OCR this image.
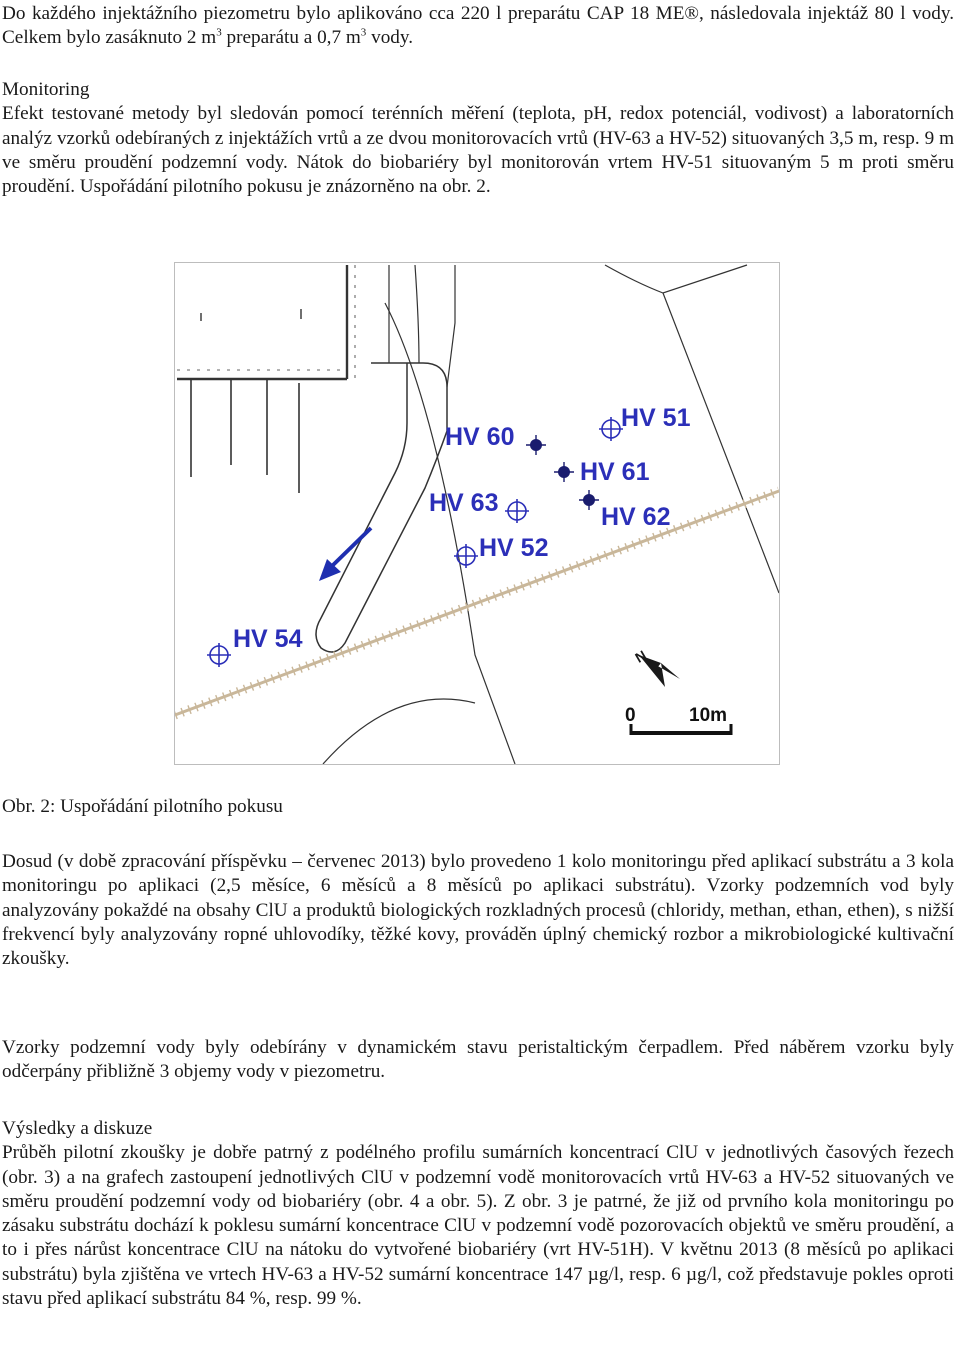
Do každého injektážního piezometru bylo aplikováno cca 220 l preparátu CAP 18 ME®, následovala injektáž 80 l vody. Celkem bylo zasáknuto 2 $m^3$ preparátu a 0,7 $m^3$ vody.

Monitoring
Efekt testované metody byl sledován pomocí terénních měření (teplota, pH, redox potenciál, vodivost) a laboratorních analýz vzorků odebíraných z injektážích vrtů a ze dvou monitorovacích vrtů (HV-63 a HV-52) situovaných 3,5 m, resp. 9 m ve směru proudění podzemní vody. Nátok do biobariéry byl monitorován vrtem HV-51 situovaným 5 m proti směru proudění. Uspořádání pilotního pokusu je znázorněno na obr. 2.

HV 51
HV 60
HV 61
HV 63	HV 62
HV 52
HV 54
N
0	10m

Obr. 2: Uspořádání pilotního pokusu

Dosud (v době zpracování příspěvku – červenec 2013) bylo provedeno 1 kolo monitoringu před aplikací substrátu a 3 kola monitoringu po aplikaci (2,5 měsíce, 6 měsíců a 8 měsíců po aplikaci substrátu). Vzorky podzemních vod byly analyzovány pokaždé na obsahy ClU a produktů biologických rozkladných procesů (chloridy, methan, ethan, ethen), s nižší frekvencí byly analyzovány ropné uhlovodíky, těžké kovy, prováděn úplný chemický rozbor a mikrobiologické kultivační zkoušky.

Vzorky podzemní vody byly odebírány v dynamickém stavu peristaltickým čerpadlem. Před náběrem vzorku byly odčerpány přibližně 3 objemy vody v piezometru.

Výsledky a diskuze
Průběh pilotní zkoušky je dobře patrný z podélného profilu sumárních koncentrací ClU v jednotlivých časových řezech (obr. 3) a na grafech zastoupení jednotlivých ClU v podzemní vodě monitorovacích vrtů HV-63 a HV-52 situovaných ve směru proudění podzemní vody od biobariéry (obr. 4 a obr. 5). Z obr. 3 je patrné, že již od prvního kola monitoringu po zásaku substrátu dochází k poklesu sumární koncentrace ClU v podzemní vodě pozorovacích objektů ve směru proudění, a to i přes nárůst koncentrace ClU na nátoku do vytvořené biobariéry (vrt HV-51H). V květnu 2013 (8 měsíců po aplikaci substrátu) byla zjištěna ve vrtech HV-63 a HV-52 sumární koncentrace 147 µg/l, resp. 6 µg/l, což představuje pokles oproti stavu před aplikací substrátu 84 %, resp. 99 %.
